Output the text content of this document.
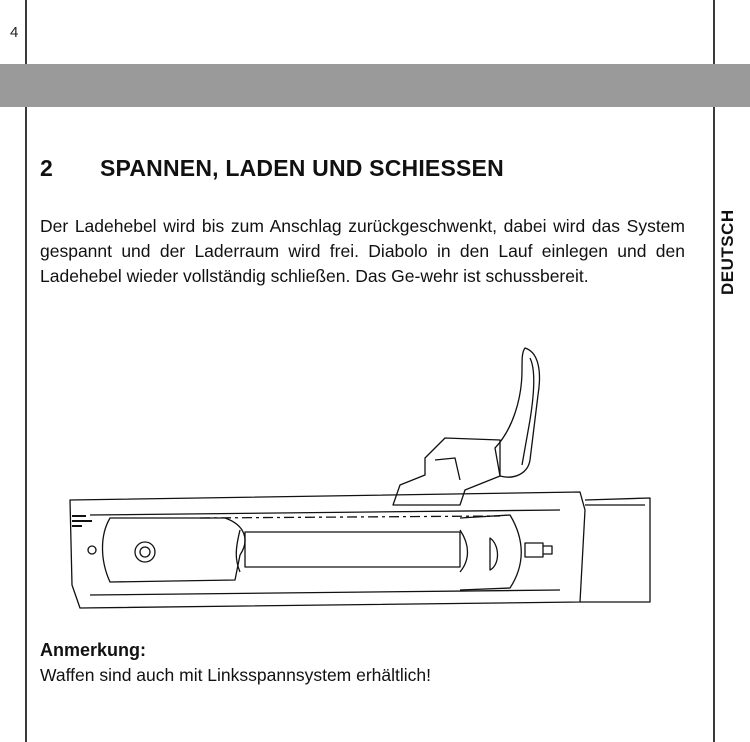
4
2 SPANNEN, LADEN UND SCHIESSEN

Der Ladehebel wird bis zum Anschlag zurückgeschwenkt, dabei wird das System gespannt und der Laderraum wird frei. Diabolo in den Lauf einlegen und den Ladehebel wieder vollständig schließen. Das Ge-wehr ist schussbereit.	DEUTSCH

Anmerkung:

Waffen sind auch mit Linksspannsystem erhältlich!
